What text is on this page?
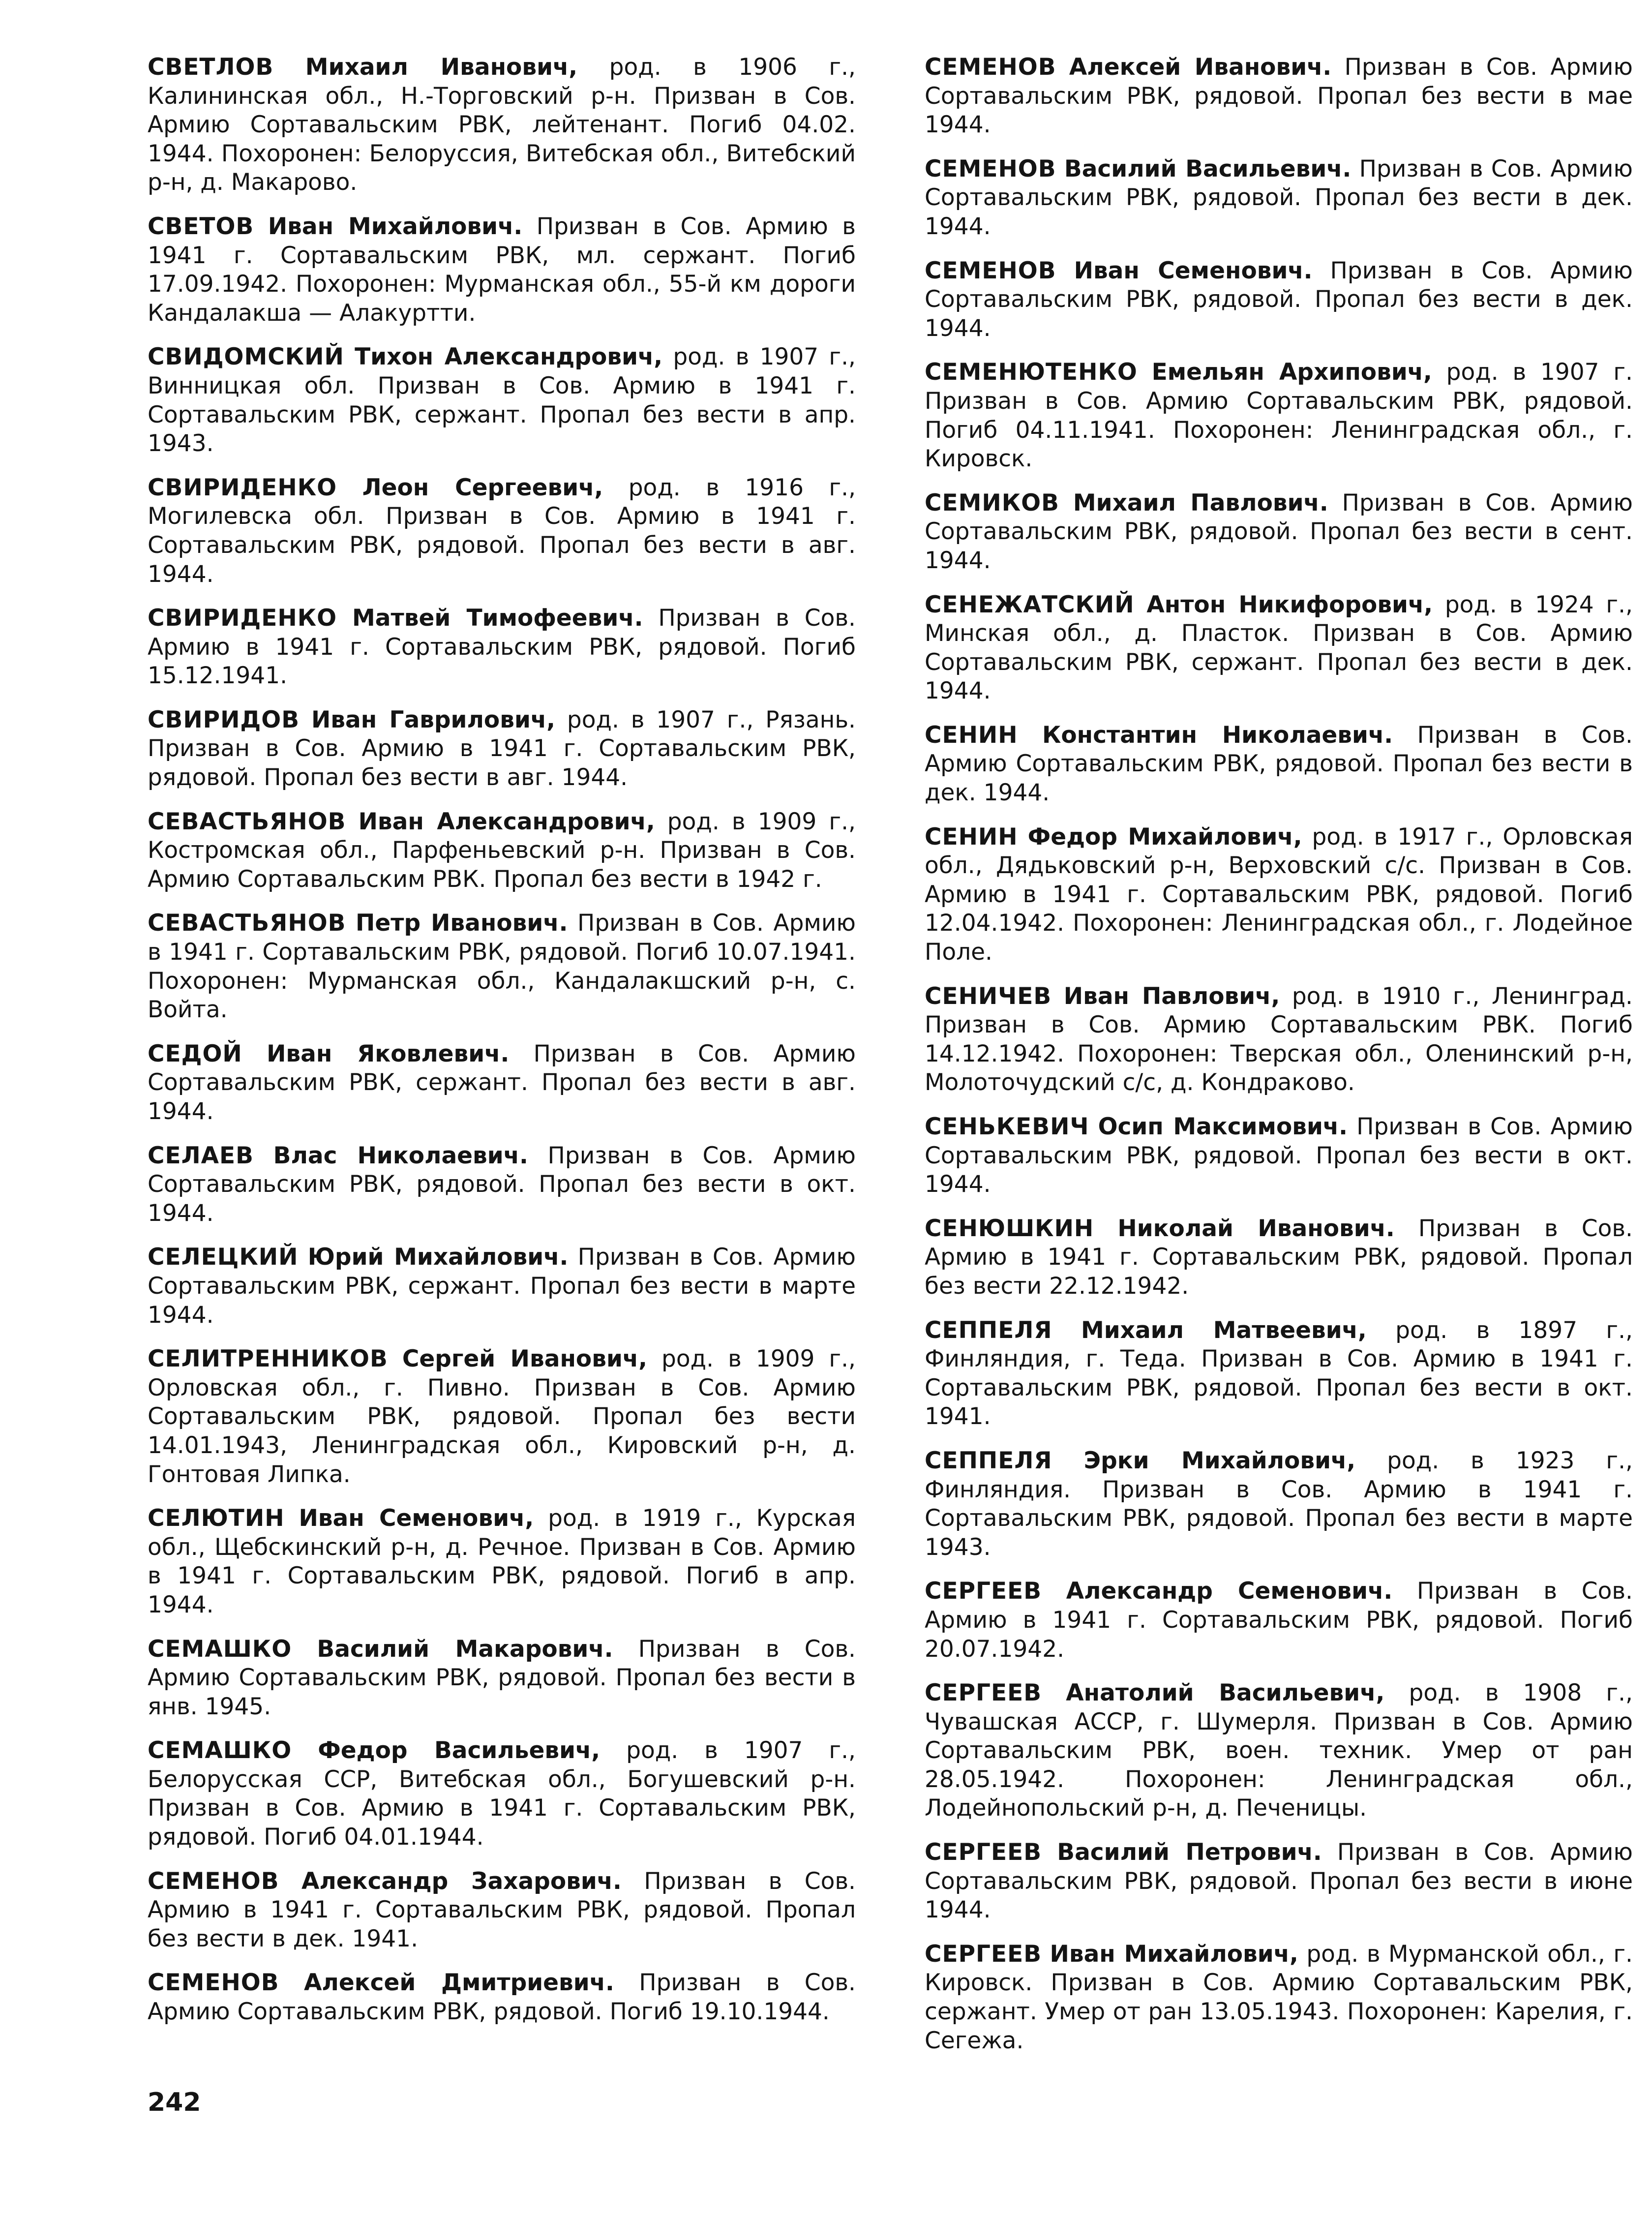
СВЕТЛОВ Михаил Иванович, род. в 1906 г., Калининская обл., Н.-Торговский р-н. Призван в Сов. Армию Сортавальским РВК, лейтенант. Погиб 04.02. 1944. Похоронен: Белоруссия, Витебская обл., Витебский р-н, д. Макарово.

СВЕТОВ Иван Михайлович. Призван в Сов. Армию в 1941 г. Сортавальским РВК, мл. сержант. Погиб 17.09.1942. Похоронен: Мурманская обл., 55-й км дороги Кандалакша — Алакуртти.

СВИДОМСКИЙ Тихон Александрович, род. в 1907 г., Винницкая обл. Призван в Сов. Армию в 1941 г. Сортавальским РВК, сержант. Пропал без вести в апр. 1943.

СВИРИДЕНКО Леон Сергеевич, род. в 1916 г., Могилевска обл. Призван в Сов. Армию в 1941 г. Сортавальским РВК, рядовой. Пропал без вести в авг. 1944.

СВИРИДЕНКО Матвей Тимофеевич. Призван в Сов. Армию в 1941 г. Сортавальским РВК, рядовой. Погиб 15.12.1941.

СВИРИДОВ Иван Гаврилович, род. в 1907 г., Рязань. Призван в Сов. Армию в 1941 г. Сортавальским РВК, рядовой. Пропал без вести в авг. 1944.

СЕВАСТЬЯНОВ Иван Александрович, род. в 1909 г., Костромская обл., Парфеньевский р-н. Призван в Сов. Армию Сортавальским РВК. Пропал без вести в 1942 г.

СЕВАСТЬЯНОВ Петр Иванович. Призван в Сов. Армию в 1941 г. Сортавальским РВК, рядовой. Погиб 10.07.1941. Похоронен: Мурманская обл., Кандалакшский р-н, с. Войта.

СЕДОЙ Иван Яковлевич. Призван в Сов. Армию Сортавальским РВК, сержант. Пропал без вести в авг. 1944.

СЕЛАЕВ Влас Николаевич. Призван в Сов. Армию Сортавальским РВК, рядовой. Пропал без вести в окт. 1944.

СЕЛЕЦКИЙ Юрий Михайлович. Призван в Сов. Армию Сортавальским РВК, сержант. Пропал без вести в марте 1944.

СЕЛИТРЕННИКОВ Сергей Иванович, род. в 1909 г., Орловская обл., г. Пивно. Призван в Сов. Армию Сортавальским РВК, рядовой. Пропал без вести 14.01.1943, Ленинградская обл., Кировский р-н, д. Гонтовая Липка.

СЕЛЮТИН Иван Семенович, род. в 1919 г., Курская обл., Щебскинский р-н, д. Речное. Призван в Сов. Армию в 1941 г. Сортавальским РВК, рядовой. Погиб в апр. 1944.

СЕМАШКО Василий Макарович. Призван в Сов. Армию Сортавальским РВК, рядовой. Пропал без вести в янв. 1945.

СЕМАШКО Федор Васильевич, род. в 1907 г., Белорусская ССР, Витебская обл., Богушевский р-н. Призван в Сов. Армию в 1941 г. Сортавальским РВК, рядовой. Погиб 04.01.1944.

СЕМЕНОВ Александр Захарович. Призван в Сов. Армию в 1941 г. Сортавальским РВК, рядовой. Пропал без вести в дек. 1941.

СЕМЕНОВ Алексей Дмитриевич. Призван в Сов. Армию Сортавальским РВК, рядовой. Погиб 19.10.1944.

СЕМЕНОВ Алексей Иванович. Призван в Сов. Армию Сортавальским РВК, рядовой. Пропал без вести в мае 1944.

СЕМЕНОВ Василий Васильевич. Призван в Сов. Армию Сортавальским РВК, рядовой. Пропал без вести в дек. 1944.

СЕМЕНОВ Иван Семенович. Призван в Сов. Армию Сортавальским РВК, рядовой. Пропал без вести в дек. 1944.

СЕМЕНЮТЕНКО Емельян Архипович, род. в 1907 г. Призван в Сов. Армию Сортавальским РВК, рядовой. Погиб 04.11.1941. Похоронен: Ленинградская обл., г. Кировск.

СЕМИКОВ Михаил Павлович. Призван в Сов. Армию Сортавальским РВК, рядовой. Пропал без вести в сент. 1944.

СЕНЕЖАТСКИЙ Антон Никифорович, род. в 1924 г., Минская обл., д. Пласток. Призван в Сов. Армию Сортавальским РВК, сержант. Пропал без вести в дек. 1944.

СЕНИН Константин Николаевич. Призван в Сов. Армию Сортавальским РВК, рядовой. Пропал без вести в дек. 1944.

СЕНИН Федор Михайлович, род. в 1917 г., Орловская обл., Дядьковский р-н, Верховский с/с. Призван в Сов. Армию в 1941 г. Сортавальским РВК, рядовой. Погиб 12.04.1942. Похоронен: Ленинградская обл., г. Лодейное Поле.

СЕНИЧЕВ Иван Павлович, род. в 1910 г., Ленинград. Призван в Сов. Армию Сортавальским РВК. Погиб 14.12.1942. Похоронен: Тверская обл., Оленинский р-н, Молоточудский с/с, д. Кондраково.

СЕНЬКЕВИЧ Осип Максимович. Призван в Сов. Армию Сортавальским РВК, рядовой. Пропал без вести в окт. 1944.

СЕНЮШКИН Николай Иванович. Призван в Сов. Армию в 1941 г. Сортавальским РВК, рядовой. Пропал без вести 22.12.1942.

СЕППЕЛЯ Михаил Матвеевич, род. в 1897 г., Финляндия, г. Теда. Призван в Сов. Армию в 1941 г. Сортавальским РВК, рядовой. Пропал без вести в окт. 1941.

СЕППЕЛЯ Эрки Михайлович, род. в 1923 г., Финляндия. Призван в Сов. Армию в 1941 г. Сортавальским РВК, рядовой. Пропал без вести в марте 1943.

СЕРГЕЕВ Александр Семенович. Призван в Сов. Армию в 1941 г. Сортавальским РВК, рядовой. Погиб 20.07.1942.

СЕРГЕЕВ Анатолий Васильевич, род. в 1908 г., Чувашская АССР, г. Шумерля. Призван в Сов. Армию Сортавальским РВК, воен. техник. Умер от ран 28.05.1942. Похоронен: Ленинградская обл., Лодейнопольский р-н, д. Печеницы.

СЕРГЕЕВ Василий Петрович. Призван в Сов. Армию Сортавальским РВК, рядовой. Пропал без вести в июне 1944.

СЕРГЕЕВ Иван Михайлович, род. в Мурманской обл., г. Кировск. Призван в Сов. Армию Сортавальским РВК, сержант. Умер от ран 13.05.1943. Похоронен: Карелия, г. Сегежа.

242
